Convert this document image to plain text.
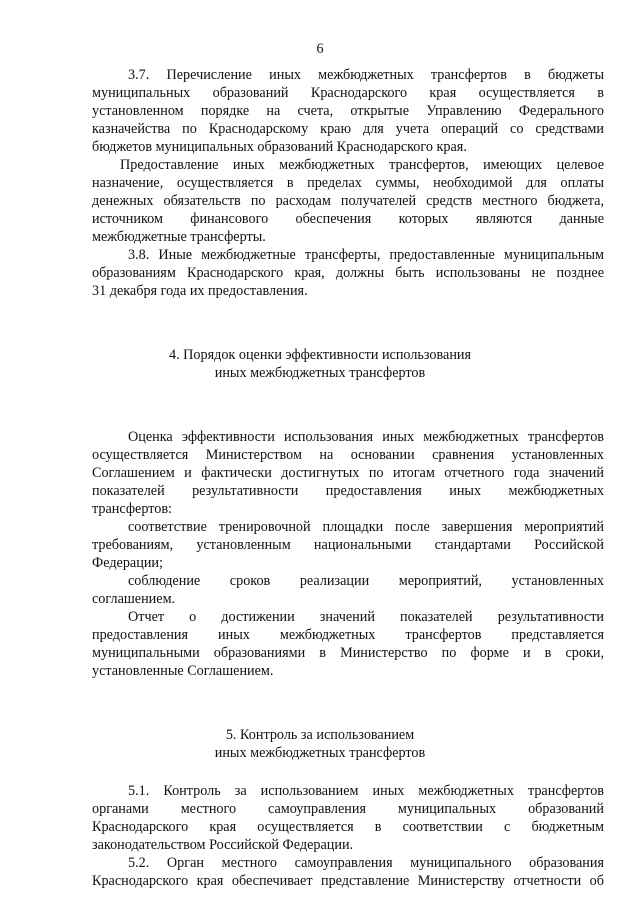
6
3.7. Перечисление иных межбюджетных трансфертов в бюджеты
муниципальных образований Краснодарского края осуществляется в
установленном порядке на счета, открытые Управлению Федерального
казначейства по Краснодарскому краю для учета операций со средствами
бюджетов муниципальных образований Краснодарского края.
Предоставление иных межбюджетных трансфертов, имеющих целевое
назначение, осуществляется в пределах суммы, необходимой для оплаты
денежных обязательств по расходам получателей средств местного бюджета,
источником финансового обеспечения которых являются данные
межбюджетные трансферты.
3.8. Иные межбюджетные трансферты, предоставленные муниципальным
образованиям Краснодарского края, должны быть использованы не позднее
31 декабря года их предоставления.
4. Порядок оценки эффективности использования
иных межбюджетных трансфертов
Оценка эффективности использования иных межбюджетных трансфертов
осуществляется Министерством на основании сравнения установленных
Соглашением и фактически достигнутых по итогам отчетного года значений
показателей результативности предоставления иных межбюджетных
трансфертов:
соответствие тренировочной площадки после завершения мероприятий
требованиям, установленным национальными стандартами Российской
Федерации;
соблюдение сроков реализации мероприятий, установленных
соглашением.
Отчет о достижении значений показателей результативности
предоставления иных межбюджетных трансфертов представляется
муниципальными образованиями в Министерство по форме и в сроки,
установленные Соглашением.
5. Контроль за использованием
иных межбюджетных трансфертов
5.1. Контроль за использованием иных межбюджетных трансфертов
органами местного самоуправления муниципальных образований
Краснодарского края осуществляется в соответствии с бюджетным
законодательством Российской Федерации.
5.2. Орган местного самоуправления муниципального образования
Краснодарского края обеспечивает представление Министерству отчетности об
